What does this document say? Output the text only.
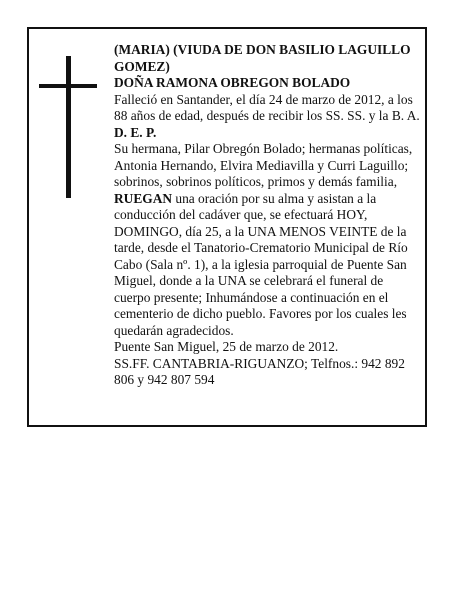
(MARIA) (VIUDA DE DON BASILIO LAGUILLO GOMEZ)

DOÑA RAMONA OBREGON BOLADO

Falleció en Santander, el día 24 de marzo de 2012, a los 88 años de edad, después de recibir los SS. SS. y la B. A.

D. E. P.

Su hermana, Pilar Obregón Bolado; hermanas políticas, Antonia Hernando, Elvira Mediavilla y Curri Laguillo; sobrinos, sobrinos políticos, primos y demás familia,

RUEGAN una oración por su alma y asistan a la conducción del cadáver que, se efectuará HOY, DOMINGO, día 25, a la UNA MENOS VEINTE de la tarde, desde el Tanatorio-Crematorio Municipal de Río Cabo (Sala nº. 1), a la iglesia parroquial de Puente San Miguel, donde a la UNA se celebrará el funeral de cuerpo presente; Inhumándose a continuación en el cementerio de dicho pueblo. Favores por los cuales les quedarán agradecidos.

Puente San Miguel, 25 de marzo de 2012.

SS.FF. CANTABRIA-RIGUANZO; Telfnos.: 942 892 806 y 942 807 594
